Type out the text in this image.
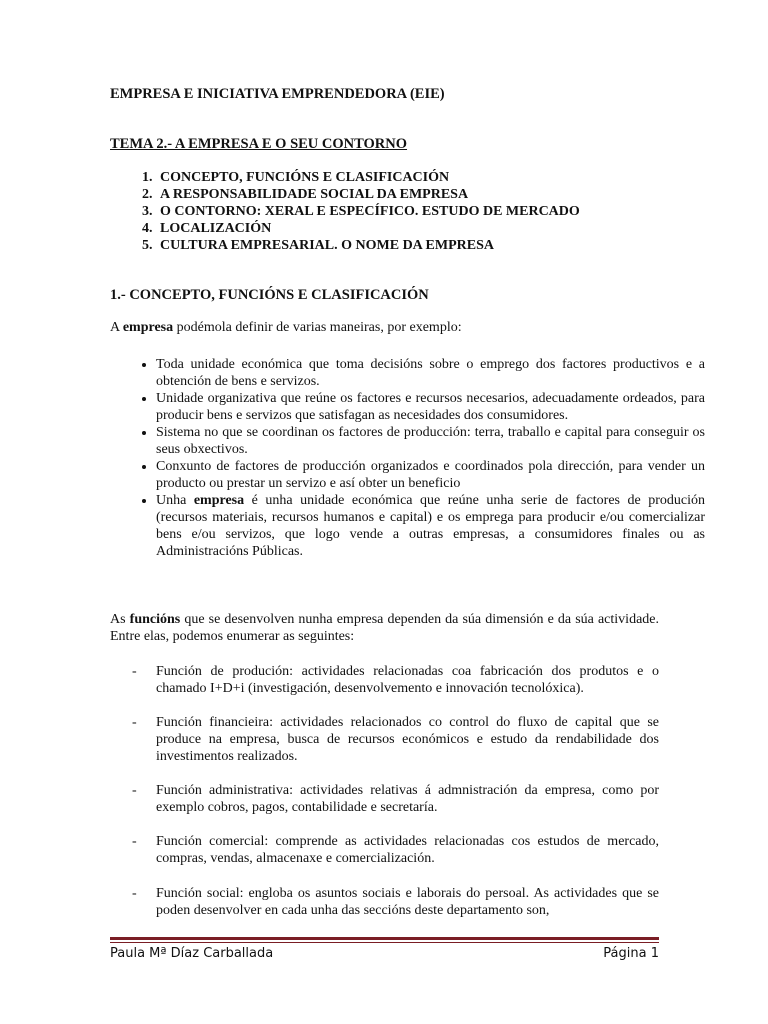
EMPRESA E INICIATIVA EMPRENDEDORA (EIE)
TEMA 2.- A EMPRESA E O SEU CONTORNO
1. CONCEPTO, FUNCIÓNS E CLASIFICACIÓN
2. A RESPONSABILIDADE SOCIAL DA EMPRESA
3. O CONTORNO: XERAL E ESPECÍFICO. ESTUDO DE MERCADO
4. LOCALIZACIÓN
5. CULTURA EMPRESARIAL. O NOME DA EMPRESA
1.- CONCEPTO, FUNCIÓNS E CLASIFICACIÓN
A empresa podémola definir de varias maneiras, por exemplo:
• Toda unidade económica que toma decisións sobre o emprego dos factores productivos e a obtención de bens e servizos.
• Unidade organizativa que reúne os factores e recursos necesarios, adecuadamente ordeados, para producir bens e servizos que satisfagan as necesidades dos consumidores.
• Sistema no que se coordinan os factores de producción: terra, traballo e capital para conseguir os seus obxectivos.
• Conxunto de factores de producción organizados e coordinados pola dirección, para vender un producto ou prestar un servizo e así obter un beneficio
• Unha empresa é unha unidade económica que reúne unha serie de factores de produción (recursos materiais, recursos humanos e capital) e os emprega para producir e/ou comercializar bens e/ou servizos, que logo vende a outras empresas, a consumidores finales ou as Administracións Públicas.
As funcións que se desenvolven nunha empresa dependen da súa dimensión e da súa actividade. Entre elas, podemos enumerar as seguintes:
- Función de produción: actividades relacionadas coa fabricación dos produtos e o chamado I+D+i (investigación, desenvolvemento e innovación tecnolóxica).
- Función financieira: actividades relacionados co control do fluxo de capital que se produce na empresa, busca de recursos económicos e estudo da rendabilidade dos investimentos realizados.
- Función administrativa: actividades relativas á admnistración da empresa, como por exemplo cobros, pagos, contabilidade e secretaría.
- Función comercial: comprende as actividades relacionadas cos estudos de mercado, compras, vendas, almacenaxe e comercialización.
- Función social: engloba os asuntos sociais e laborais do persoal. As actividades que se poden desenvolver en cada unha das seccións deste departamento son,
Paula Mª Díaz Carballada	Página 1
